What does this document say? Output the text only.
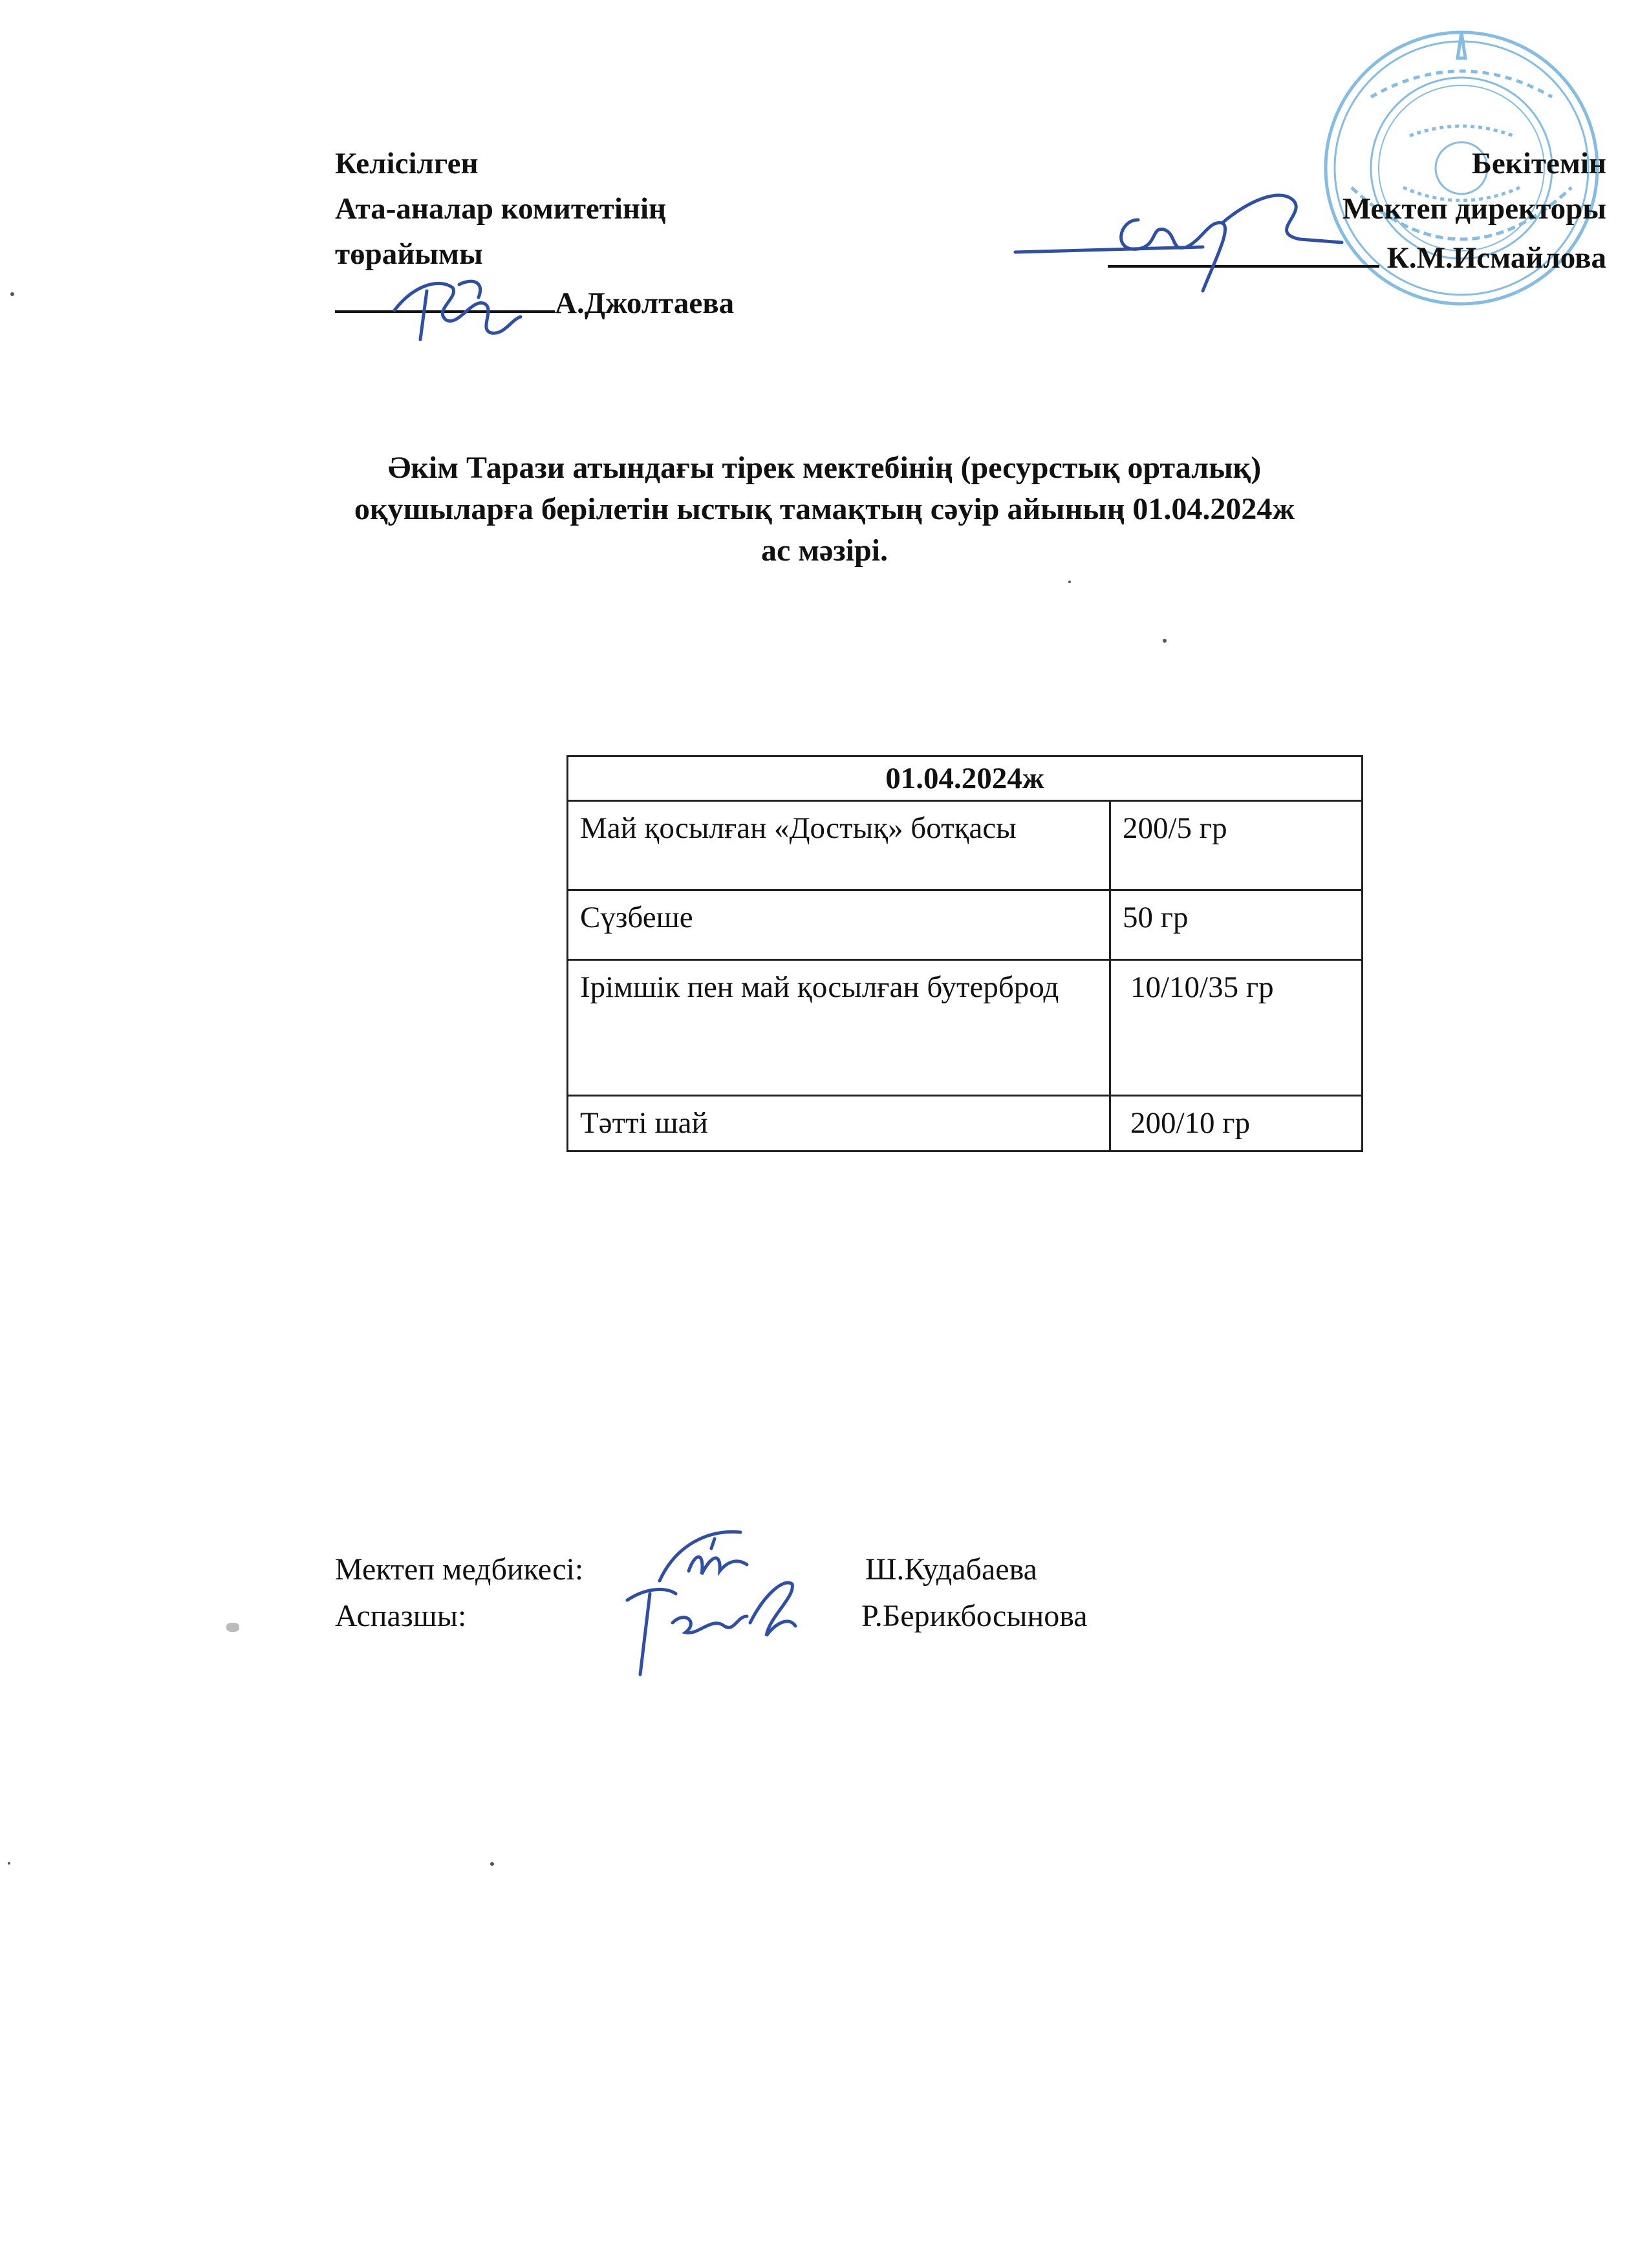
Келісілген
Ата-аналар комитетінің
төрайымы
А.Джолтаева
Бекітемін
Мектеп директоры
К.М.Исмайлова
Әкім Тарази атындағы тірек мектебінің (ресурстық орталық)
оқушыларға берілетін ыстық тамақтың сәуір айының 01.04.2024ж
ас мәзірі.
01.04.2024ж	
Май қосылған «Достық» ботқасы	200/5 гр
Сүзбеше	50 гр
Ірімшік пен май қосылған бутерброд	10/10/35 гр
Тәтті шай	200/10 гр
Мектеп медбикесі:	Ш.Кудабаева
Аспазшы:	Р.Берикбосынова
